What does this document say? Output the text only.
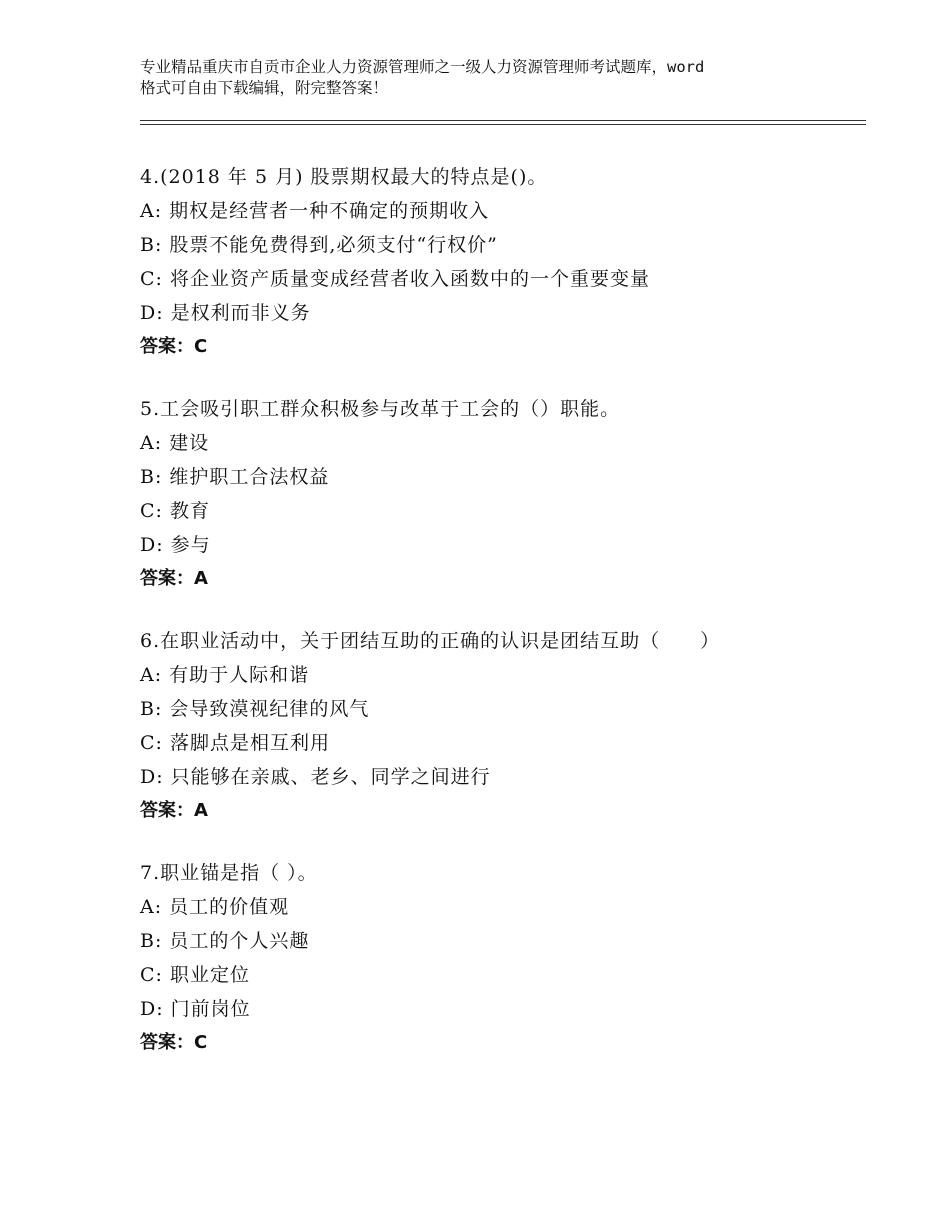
专业精品重庆市自贡市企业人力资源管理师之一级人力资源管理师考试题库，word
格式可自由下载编辑，附完整答案！
4.(2018 年 5 月) 股票期权最大的特点是()。
A: 期权是经营者一种不确定的预期收入
B: 股票不能免费得到,必须支付“行权价”
C: 将企业资产质量变成经营者收入函数中的一个重要变量
D: 是权利而非义务
答案：C
5.工会吸引职工群众积极参与改革于工会的（）职能。
A: 建设
B: 维护职工合法权益
C: 教育
D: 参与
答案：A
6.在职业活动中，关于团结互助的正确的认识是团结互助（　　）
A: 有助于人际和谐
B: 会导致漠视纪律的风气
C: 落脚点是相互利用
D: 只能够在亲戚、老乡、同学之间进行
答案：A
7.职业锚是指（ ）。
A: 员工的价值观
B: 员工的个人兴趣
C: 职业定位
D: 门前岗位
答案：C
